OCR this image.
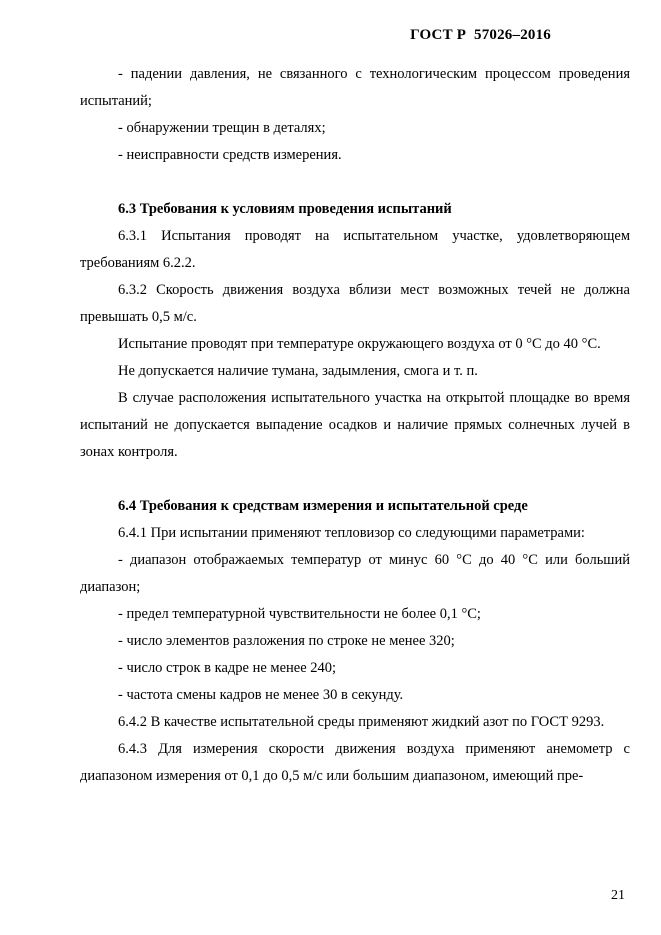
ГОСТ Р  57026–2016

- падении давления, не связанного с технологическим процессом проведения испытаний;

- обнаружении трещин в деталях;

- неисправности средств измерения.

6.3 Требования к условиям проведения испытаний

6.3.1 Испытания проводят на испытательном участке, удовлетворяющем требованиям 6.2.2.

6.3.2 Скорость движения воздуха вблизи мест возможных течей не должна превышать 0,5 м/с.

Испытание проводят при температуре окружающего воздуха от 0 °С до 40 °С.

Не допускается наличие тумана, задымления, смога и т. п.

В случае расположения испытательного участка на открытой площадке во время испытаний не допускается выпадение осадков и наличие прямых солнечных лучей в зонах контроля.

6.4 Требования к средствам измерения и испытательной среде

6.4.1 При испытании применяют тепловизор со следующими параметрами:

- диапазон отображаемых температур от минус 60 °С до 40 °С или больший диапазон;

- предел температурной чувствительности не более 0,1 °С;

- число элементов разложения по строке не менее 320;

- число строк в кадре не менее 240;

- частота смены кадров не менее 30 в секунду.

6.4.2 В качестве испытательной среды применяют жидкий азот по ГОСТ 9293.

6.4.3 Для измерения скорости движения воздуха применяют анемометр с диапазоном измерения от 0,1 до 0,5 м/с или большим диапазоном, имеющий пре-

21
